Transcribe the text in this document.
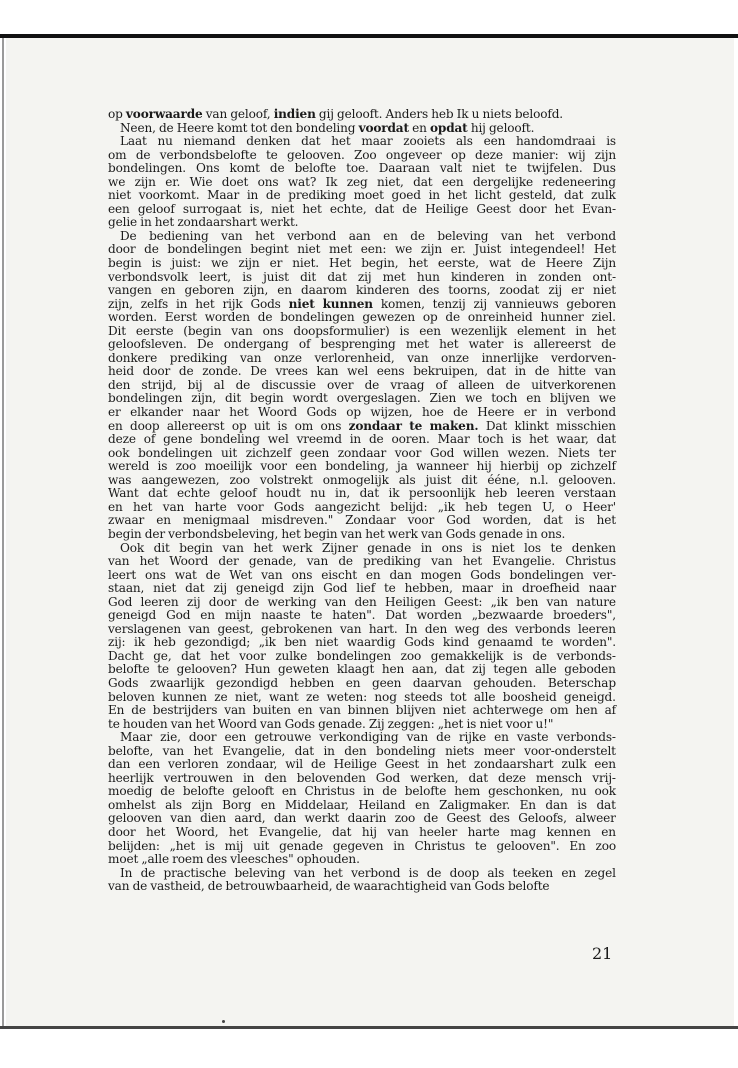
op voorwaarde van geloof, indien gij gelooft. Anders heb Ik u niets beloofd.
Neen, de Heere komt tot den bondeling voordat en opdat hij gelooft.
Laat nu niemand denken dat het maar zooiets als een handomdraai is
om de verbondsbelofte te gelooven. Zoo ongeveer op deze manier: wij zijn
bondelingen. Ons komt de belofte toe. Daaraan valt niet te twijfelen. Dus
we zijn er. Wie doet ons wat? Ik zeg niet, dat een dergelijke redeneering
niet voorkomt. Maar in de prediking moet goed in het licht gesteld, dat zulk
een geloof surrogaat is, niet het echte, dat de Heilige Geest door het Evan-
gelie in het zondaarshart werkt.
De bediening van het verbond aan en de beleving van het verbond
door de bondelingen begint niet met een: we zijn er. Juist integendeel! Het
begin is juist: we zijn er niet. Het begin, het eerste, wat de Heere Zijn
verbondsvolk leert, is juist dit dat zij met hun kinderen in zonden ont-
vangen en geboren zijn, en daarom kinderen des toorns, zoodat zij er niet
zijn, zelfs in het rijk Gods niet kunnen komen, tenzij zij vannieuws geboren
worden. Eerst worden de bondelingen gewezen op de onreinheid hunner ziel.
Dit eerste (begin van ons doopsformulier) is een wezenlijk element in het
geloofsleven. De ondergang of besprenging met het water is allereerst de
donkere prediking van onze verlorenheid, van onze innerlijke verdorven-
heid door de zonde. De vrees kan wel eens bekruipen, dat in de hitte van
den strijd, bij al de discussie over de vraag of alleen de uitverkorenen
bondelingen zijn, dit begin wordt overgeslagen. Zien we toch en blijven we
er elkander naar het Woord Gods op wijzen, hoe de Heere er in verbond
en doop allereerst op uit is om ons zondaar te maken. Dat klinkt misschien
deze of gene bondeling wel vreemd in de ooren. Maar toch is het waar, dat
ook bondelingen uit zichzelf geen zondaar voor God willen wezen. Niets ter
wereld is zoo moeilijk voor een bondeling, ja wanneer hij hierbij op zichzelf
was aangewezen, zoo volstrekt onmogelijk als juist dit ééne, n.l. gelooven.
Want dat echte geloof houdt nu in, dat ik persoonlijk heb leeren verstaan
en het van harte voor Gods aangezicht belijd: „ik heb tegen U, o Heer'
zwaar en menigmaal misdreven." Zondaar voor God worden, dat is het
begin der verbondsbeleving, het begin van het werk van Gods genade in ons.
Ook dit begin van het werk Zijner genade in ons is niet los te denken
van het Woord der genade, van de prediking van het Evangelie. Christus
leert ons wat de Wet van ons eischt en dan mogen Gods bondelingen ver-
staan, niet dat zij geneigd zijn God lief te hebben, maar in droefheid naar
God leeren zij door de werking van den Heiligen Geest: „ik ben van nature
geneigd God en mijn naaste te haten". Dat worden „bezwaarde broeders",
verslagenen van geest, gebrokenen van hart. In den weg des verbonds leeren
zij: ik heb gezondigd; „ik ben niet waardig Gods kind genaamd te worden".
Dacht ge, dat het voor zulke bondelingen zoo gemakkelijk is de verbonds-
belofte te gelooven? Hun geweten klaagt hen aan, dat zij tegen alle geboden
Gods zwaarlijk gezondigd hebben en geen daarvan gehouden. Beterschap
beloven kunnen ze niet, want ze weten: nog steeds tot alle boosheid geneigd.
En de bestrijders van buiten en van binnen blijven niet achterwege om hen af
te houden van het Woord van Gods genade. Zij zeggen: „het is niet voor u!"
Maar zie, door een getrouwe verkondiging van de rijke en vaste verbonds-
belofte, van het Evangelie, dat in den bondeling niets meer voor-onderstelt
dan een verloren zondaar, wil de Heilige Geest in het zondaarshart zulk een
heerlijk vertrouwen in den belovenden God werken, dat deze mensch vrij-
moedig de belofte gelooft en Christus in de belofte hem geschonken, nu ook
omhelst als zijn Borg en Middelaar, Heiland en Zaligmaker. En dan is dat
gelooven van dien aard, dan werkt daarin zoo de Geest des Geloofs, alweer
door het Woord, het Evangelie, dat hij van heeler harte mag kennen en
belijden: „het is mij uit genade gegeven in Christus te gelooven". En zoo
moet „alle roem des vleesches" ophouden.
In de practische beleving van het verbond is de doop als teeken en zegel
van de vastheid, de betrouwbaarheid, de waarachtigheid van Gods belofte
21
